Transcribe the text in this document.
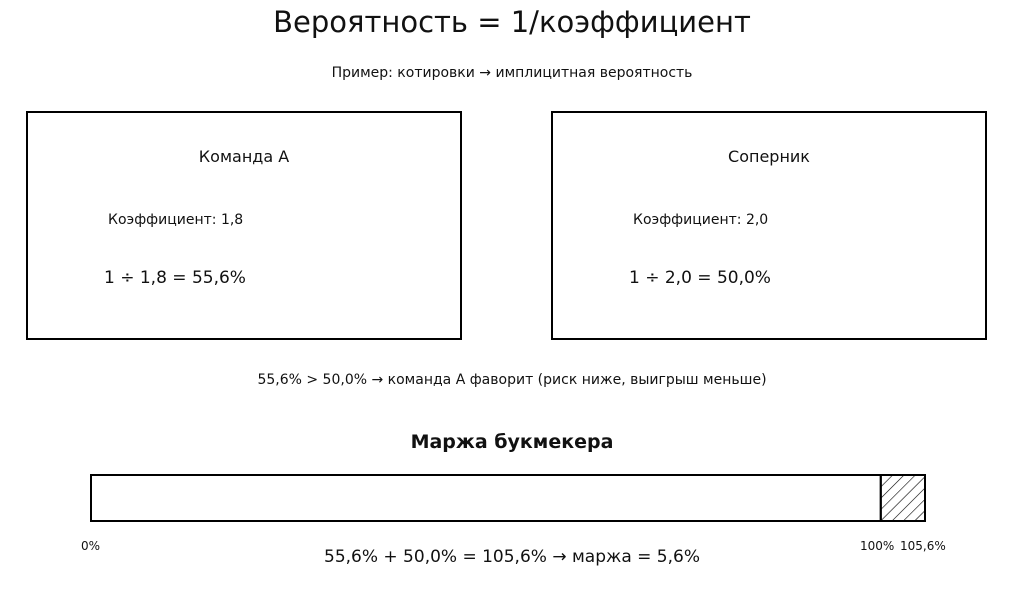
Вероятность = 1/коэффициент
Пример: котировки → имплицитная вероятность
Команда А
Коэффициент: 1,8
1 ÷ 1,8 = 55,6%
Соперник
Коэффициент: 2,0
1 ÷ 2,0 = 50,0%
55,6% > 50,0% → команда А фаворит (риск ниже, выигрыш меньше)
Маржа букмекера
0%	100% 105,6%
55,6% + 50,0% = 105,6% → маржа = 5,6%
